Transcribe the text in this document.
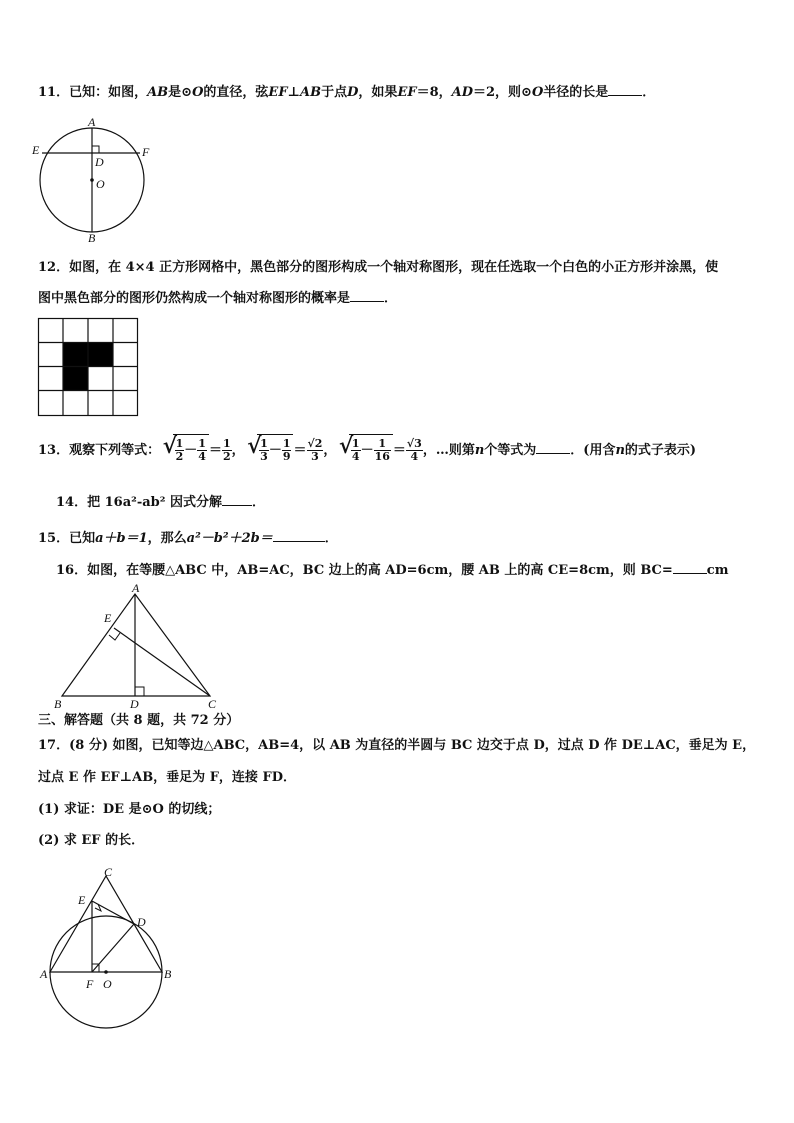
11．已知：如图，AB是⊙O的直径，弦EF⊥AB于点D，如果EF＝8，AD＝2，则⊙O半径的长是	．
A
B
E	F
D
O
12．如图，在 4×4 正方形网格中，黑色部分的图形构成一个轴对称图形，现在任选取一个白色的小正方形并涂黑，使
图中黑色部分的图形仍然构成一个轴对称图形的概率是	．
13．观察下列等式： √ $\frac{1}{2} - \frac{1}{4} = \frac{1}{2}$ ， √ $\frac{1}{3} - \frac{1}{9} = \frac{√2}{3}$ ， √ $\frac{1}{4} - \frac{1}{16} = \frac{√3}{4}$ ，…则第n个等式为	．(用含n的式子表示)
14．把 16a²-ab² 因式分解 ．
15．已知a＋b＝1，那么a²－b²＋2b＝	．
16．如图，在等腰△ABC 中，AB=AC，BC 边上的高 AD=6cm，腰 AB 上的高 CE=8cm，则 BC=	cm
A
B	C
D
E
三、解答题（共 8 题，共 72 分）
17．(8 分) 如图，已知等边△ABC，AB=4，以 AB 为直径的半圆与 BC 边交于点 D，过点 D 作 DE⊥AC，垂足为 E，
过点 E 作 EF⊥AB，垂足为 F，连接 FD．
(1) 求证：DE 是⊙O 的切线；
(2) 求 EF 的长．
C
E
D
A	B
F O
